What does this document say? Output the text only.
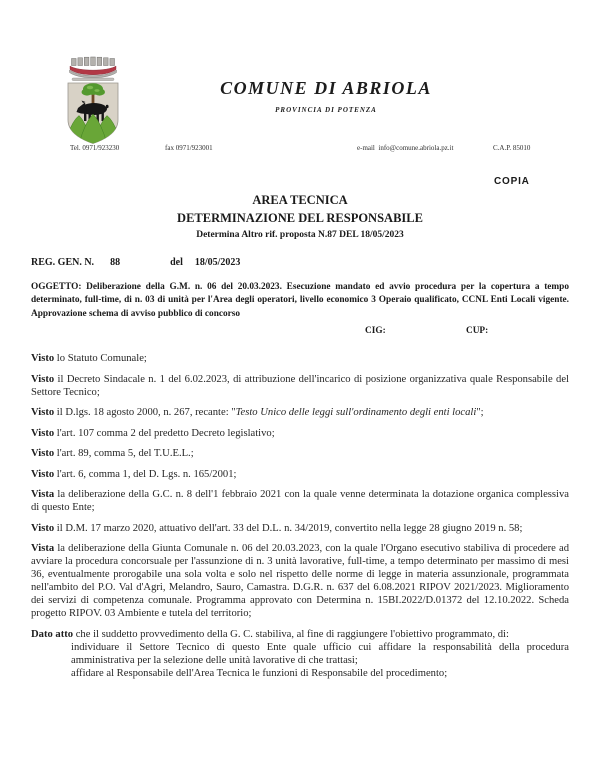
COMUNE DI ABRIOLA
PROVINCIA DI POTENZA
Tel. 0971/923230	fax 0971/923001	e-mail  info@comune.abriola.pz.it	C.A.P. 85010
COPIA
AREA TECNICA
DETERMINAZIONE DEL RESPONSABILE
Determina Altro rif. proposta N.87 DEL 18/05/2023
REG. GEN. N. 88	del 18/05/2023
OGGETTO: Deliberazione della G.M. n. 06 del 20.03.2023. Esecuzione mandato ed avvio procedura per la copertura a tempo determinato, full-time, di n. 03 di unità per l'Area degli operatori, livello economico 3 Operaio qualificato, CCNL Enti Locali vigente. Approvazione schema di avviso pubblico di concorso
CIG:	CUP:

Visto lo Statuto Comunale;

Visto il Decreto Sindacale n. 1 del 6.02.2023, di attribuzione dell'incarico di posizione organizzativa quale Responsabile del Settore Tecnico;

Visto il D.lgs. 18 agosto 2000, n. 267, recante: "Testo Unico delle leggi sull'ordinamento degli enti locali";

Visto l'art. 107 comma 2 del predetto Decreto legislativo;

Visto l'art. 89, comma 5, del T.U.E.L.;

Visto l'art. 6, comma 1, del D. Lgs. n. 165/2001;

Vista la deliberazione della G.C. n. 8 dell'1 febbraio 2021 con la quale venne determinata la dotazione organica complessiva di questo Ente;

Visto il D.M. 17 marzo 2020, attuativo dell'art. 33 del D.L. n. 34/2019, convertito nella legge 28 giugno 2019 n. 58;

Vista la deliberazione della Giunta Comunale n. 06 del 20.03.2023, con la quale l'Organo esecutivo stabiliva di procedere ad avviare la procedura concorsuale per l'assunzione di n. 3 unità lavorative, full-time, a tempo determinato per massimo di mesi 36, eventualmente prorogabile una sola volta e solo nel rispetto delle norme di legge in materia assunzionale, programmata nell'ambito del P.O. Val d'Agri, Melandro, Sauro, Camastra. D.G.R. n. 637 del 6.08.2021 RIPOV 2021/2023. Miglioramento dei servizi di competenza comunale. Programma approvato con Determina n. 15BI.2022/D.01372 del 12.10.2022. Scheda progetto RIPOV. 03 Ambiente e tutela del territorio;

Dato atto che il suddetto provvedimento della G. C. stabiliva, al fine di raggiungere l'obiettivo programmato, di:

individuare il Settore Tecnico di questo Ente quale ufficio cui affidare la responsabilità della procedura amministrativa per la selezione delle unità lavorative di che trattasi;
affidare al Responsabile dell'Area Tecnica le funzioni di Responsabile del procedimento;
